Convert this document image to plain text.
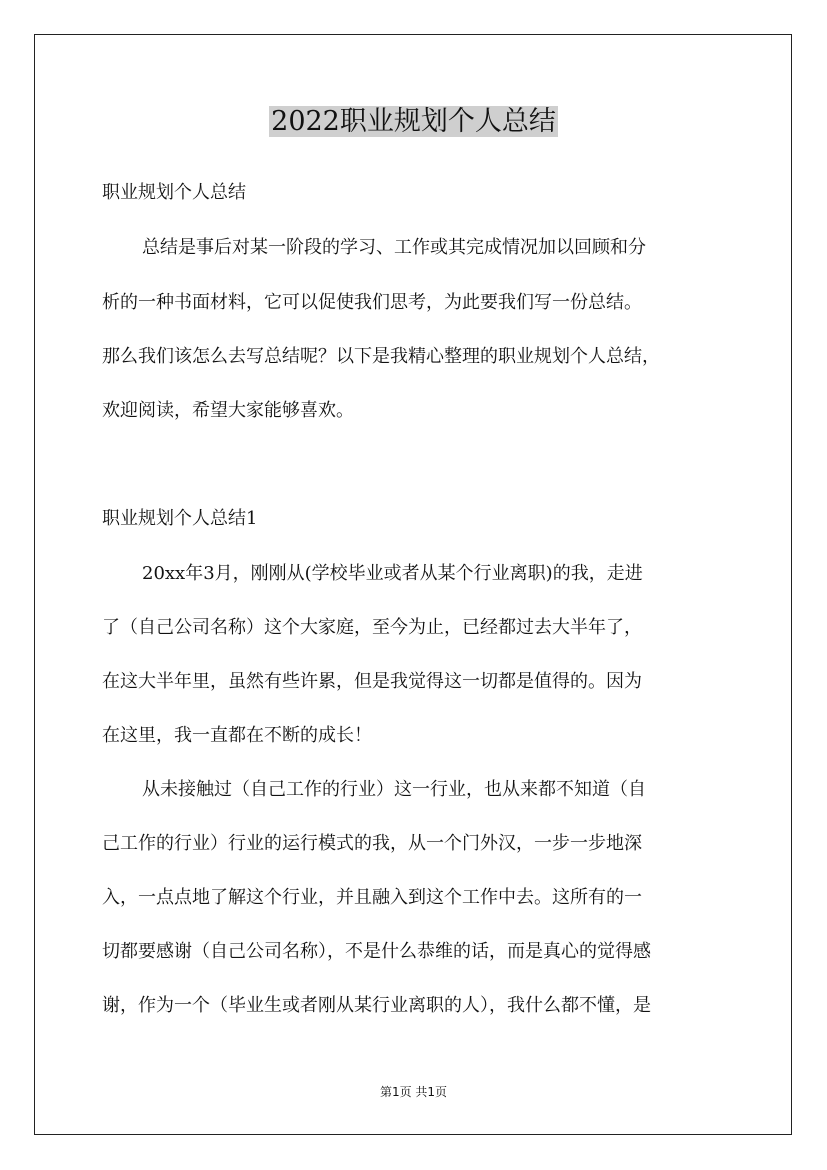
2022职业规划个人总结
职业规划个人总结
总结是事后对某一阶段的学习、工作或其完成情况加以回顾和分
析的一种书面材料，它可以促使我们思考，为此要我们写一份总结。
那么我们该怎么去写总结呢？以下是我精心整理的职业规划个人总结，
欢迎阅读，希望大家能够喜欢。
职业规划个人总结1
20xx年3月，刚刚从(学校毕业或者从某个行业离职)的我，走进
了（自己公司名称）这个大家庭，至今为止，已经都过去大半年了，
在这大半年里，虽然有些许累，但是我觉得这一切都是值得的。因为
在这里，我一直都在不断的成长！
从未接触过（自己工作的行业）这一行业，也从来都不知道（自
己工作的行业）行业的运行模式的我，从一个门外汉，一步一步地深
入，一点点地了解这个行业，并且融入到这个工作中去。这所有的一
切都要感谢（自己公司名称），不是什么恭维的话，而是真心的觉得感
谢，作为一个（毕业生或者刚从某行业离职的人），我什么都不懂，是
第1页 共1页
